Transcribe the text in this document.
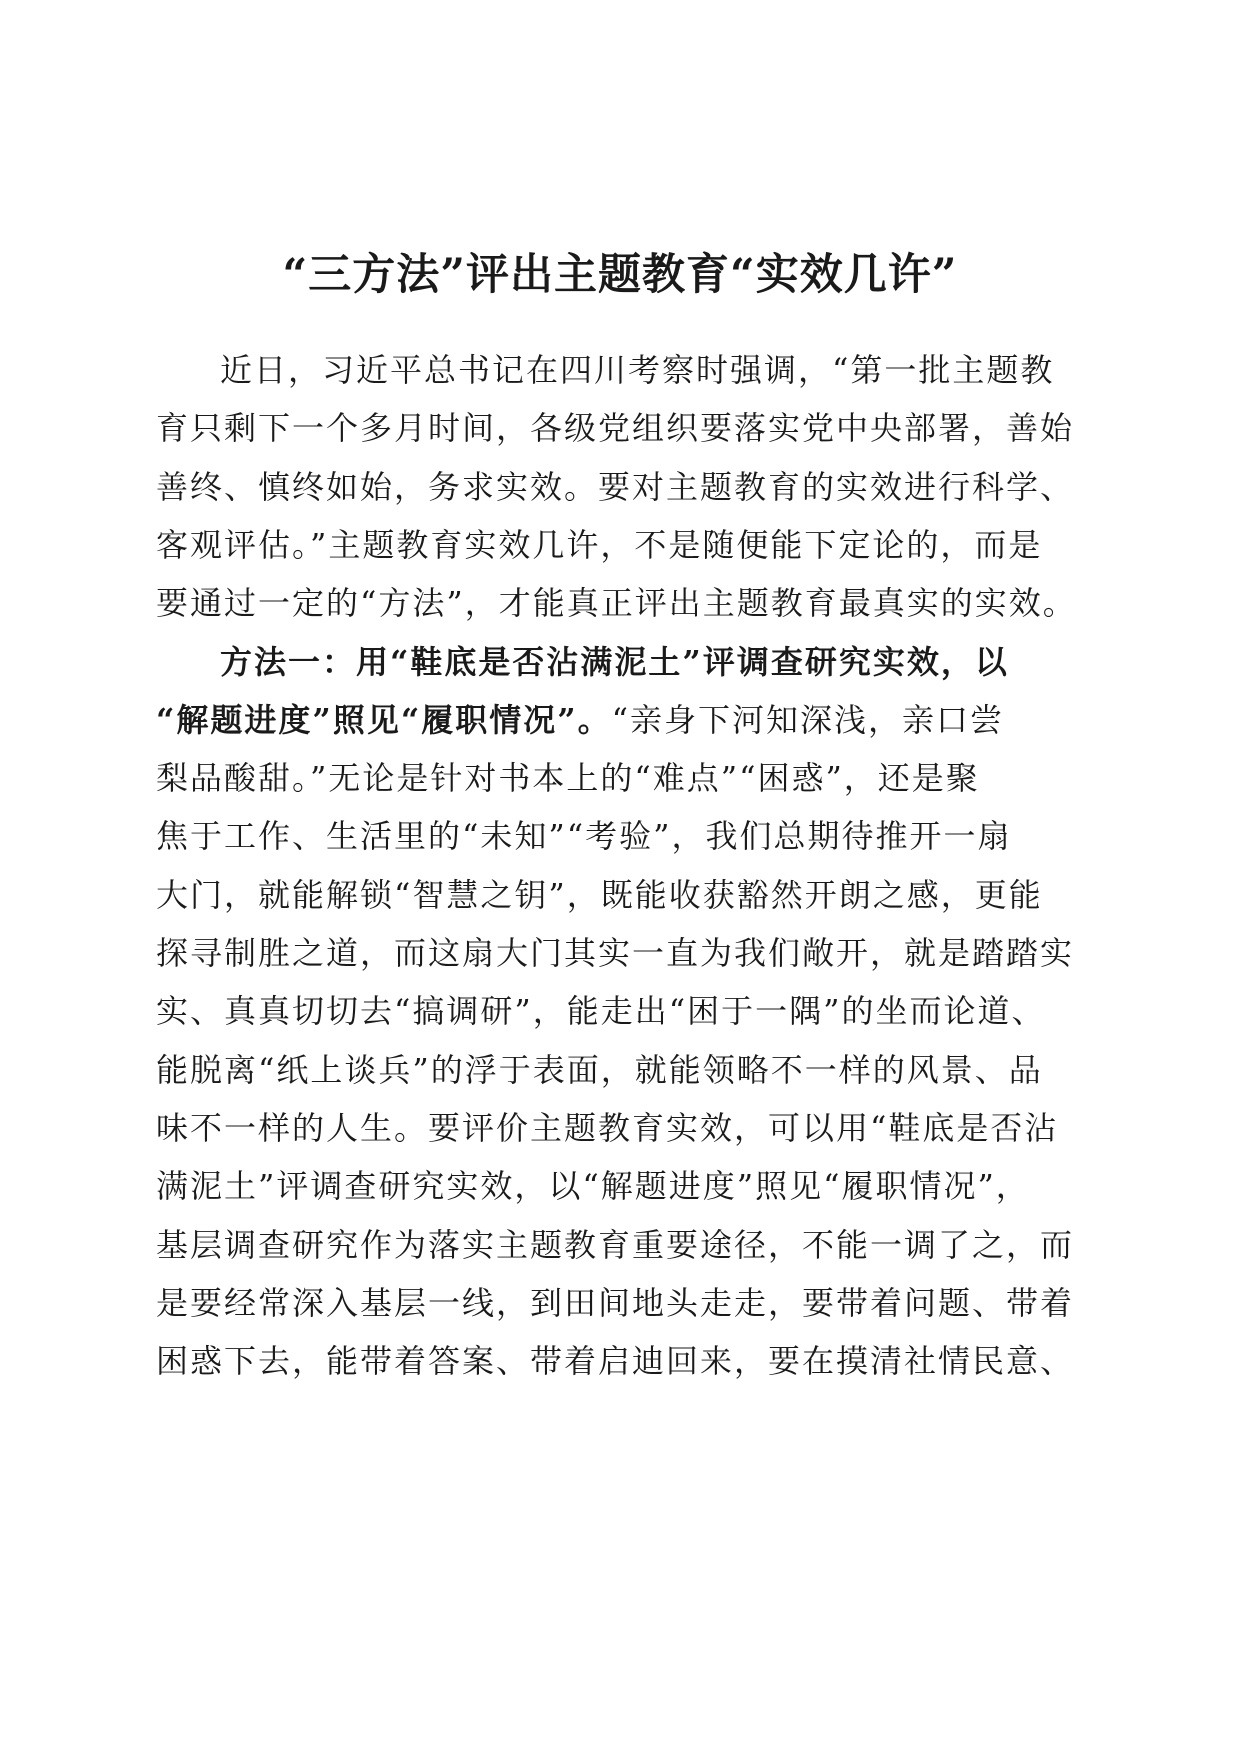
“三方法”评出主题教育“实效几许”

近日，习近平总书记在四川考察时强调，“第一批主题教

育只剩下一个多月时间，各级党组织要落实党中央部署，善始

善终、慎终如始，务求实效。要对主题教育的实效进行科学、

客观评估。”主题教育实效几许，不是随便能下定论的，而是

要通过一定的“方法”，才能真正评出主题教育最真实的实效。

方法一：用“鞋底是否沾满泥土”评调查研究实效，以

“解题进度”照见“履职情况”。“亲身下河知深浅，亲口尝

梨品酸甜。”无论是针对书本上的“难点”“困惑”，还是聚

焦于工作、生活里的“未知”“考验”，我们总期待推开一扇

大门，就能解锁“智慧之钥”，既能收获豁然开朗之感，更能

探寻制胜之道，而这扇大门其实一直为我们敞开，就是踏踏实

实、真真切切去“搞调研”，能走出“困于一隅”的坐而论道、

能脱离“纸上谈兵”的浮于表面，就能领略不一样的风景、品

味不一样的人生。要评价主题教育实效，可以用“鞋底是否沾

满泥土”评调查研究实效，以“解题进度”照见“履职情况”，

基层调查研究作为落实主题教育重要途径，不能一调了之，而

是要经常深入基层一线，到田间地头走走，要带着问题、带着

困惑下去，能带着答案、带着启迪回来，要在摸清社情民意、
